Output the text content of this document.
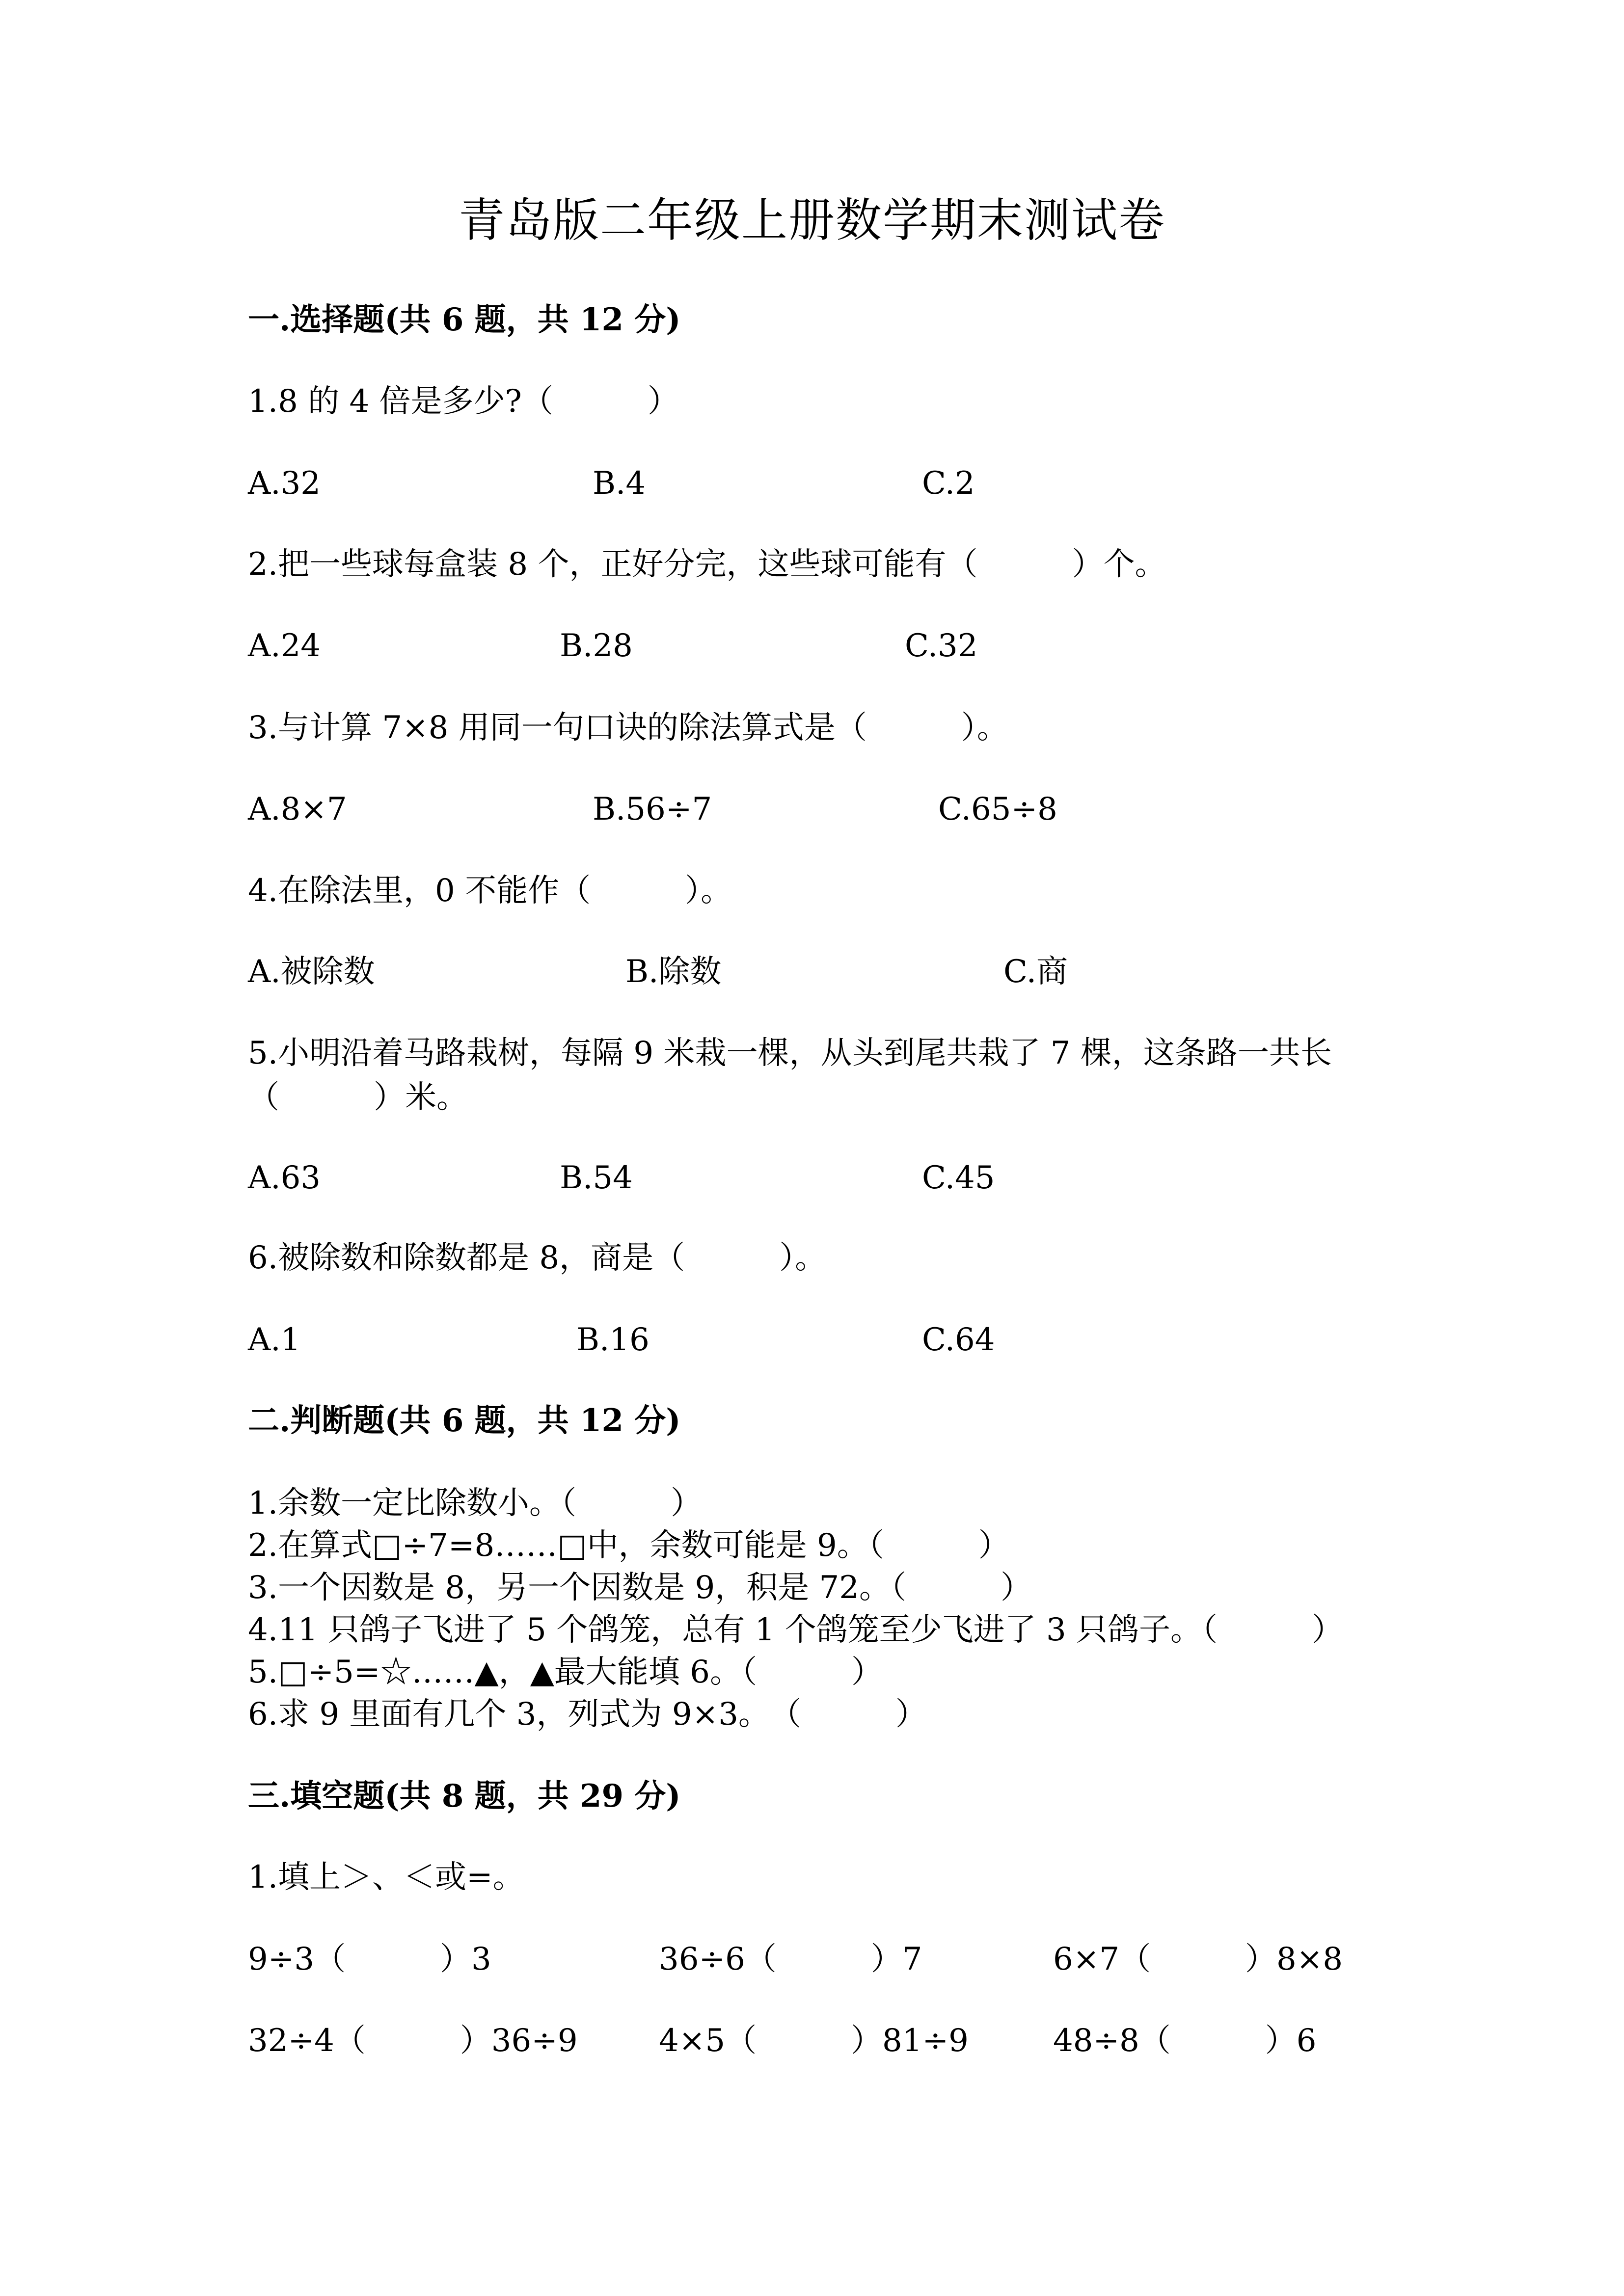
青岛版二年级上册数学期末测试卷
一.选择题(共 6 题，共 12 分)
1.8 的 4 倍是多少?（　　　）
A.32	B.4	C.2
2.把一些球每盒装 8 个，正好分完，这些球可能有（　　　）个。
A.24	B.28	C.32
3.与计算 7×8 用同一句口诀的除法算式是（　　　）。
A.8×7	B.56÷7	C.65÷8
4.在除法里，0 不能作（　　　）。
A.被除数	B.除数	C.商
5.小明沿着马路栽树，每隔 9 米栽一棵，从头到尾共栽了 7 棵，这条路一共长
（　　　）米。
A.63	B.54	C.45
6.被除数和除数都是 8，商是（　　　）。
A.1	B.16	C.64
二.判断题(共 6 题，共 12 分)
1.余数一定比除数小。（　　　）
2.在算式□÷7=8……□中，余数可能是 9。（　　　）
3.一个因数是 8，另一个因数是 9，积是 72。（　　　）
4.11 只鸽子飞进了 5 个鸽笼，总有 1 个鸽笼至少飞进了 3 只鸽子。（　　　）
5.□÷5=☆……▲，▲最大能填 6。（　　　）
6.求 9 里面有几个 3，列式为 9×3。　（　　　）
三.填空题(共 8 题，共 29 分)
1.填上＞、＜或=。
9÷3（　　　）3	36÷6（　　　）7	6×7（　　　）8×8
32÷4（　　　）36÷9	4×5（　　　）81÷9	48÷8（　　　）6
